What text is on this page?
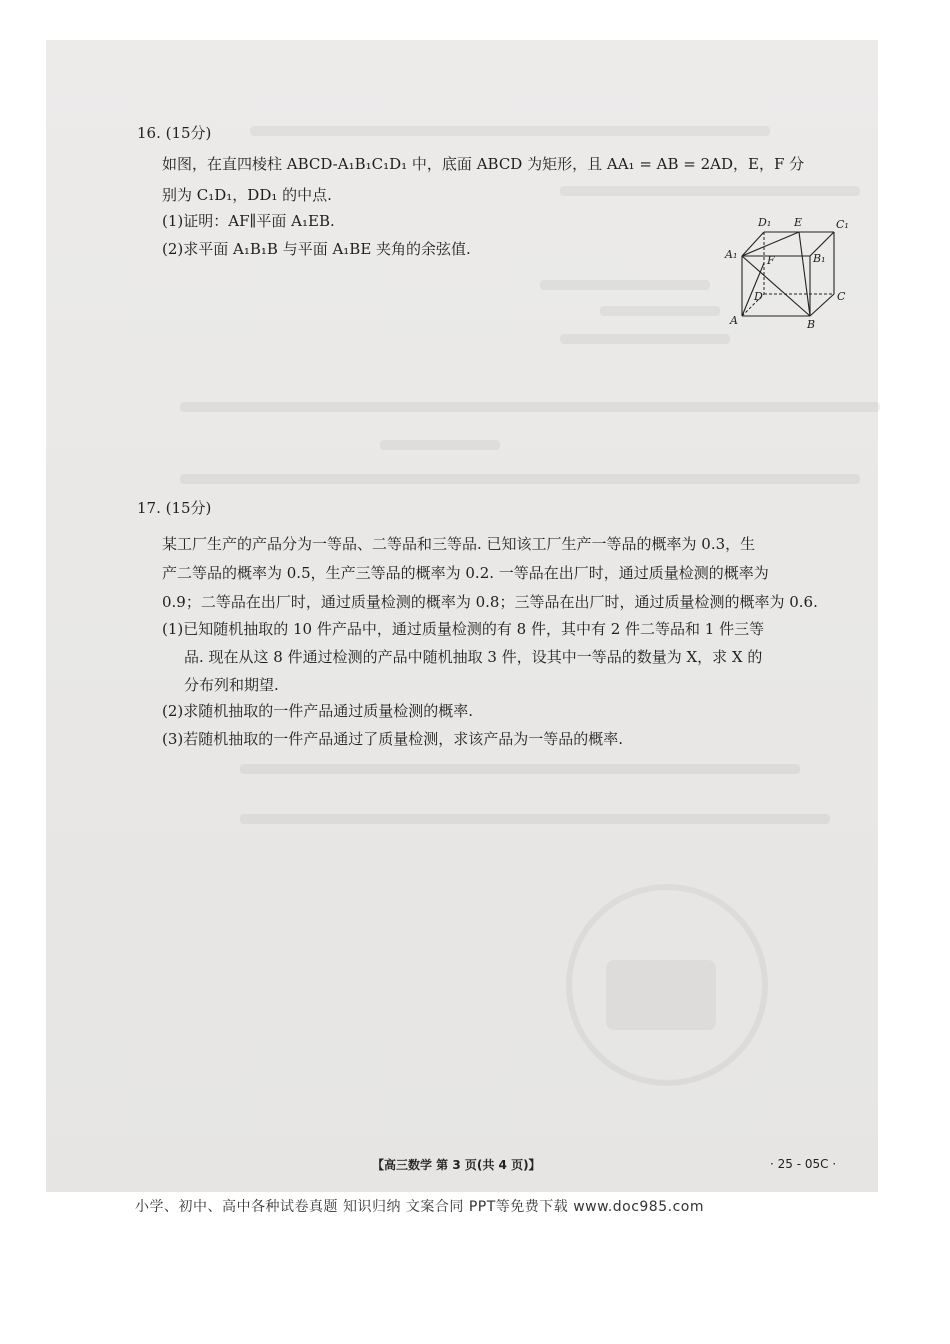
16. (15分)
如图，在直四棱柱 ABCD-A₁B₁C₁D₁ 中，底面 ABCD 为矩形，且 AA₁ = AB = 2AD，E，F 分
别为 C₁D₁，DD₁ 的中点.
(1)证明：AF∥平面 A₁EB.
(2)求平面 A₁B₁B 与平面 A₁BE 夹角的余弦值.
D₁ E	C₁
A₁	F	B₁
D	C
A	B
17. (15分)
某工厂生产的产品分为一等品、二等品和三等品. 已知该工厂生产一等品的概率为 0.3，生
产二等品的概率为 0.5，生产三等品的概率为 0.2. 一等品在出厂时，通过质量检测的概率为
0.9；二等品在出厂时，通过质量检测的概率为 0.8；三等品在出厂时，通过质量检测的概率为 0.6.
(1)已知随机抽取的 10 件产品中，通过质量检测的有 8 件，其中有 2 件二等品和 1 件三等
品. 现在从这 8 件通过检测的产品中随机抽取 3 件，设其中一等品的数量为 X，求 X 的
分布列和期望.
(2)求随机抽取的一件产品通过质量检测的概率.
(3)若随机抽取的一件产品通过了质量检测，求该产品为一等品的概率.
【高三数学 第 3 页(共 4 页)】	· 25 - 05C ·
小学、初中、高中各种试卷真题 知识归纳 文案合同 PPT等免费下载 www.doc985.com
